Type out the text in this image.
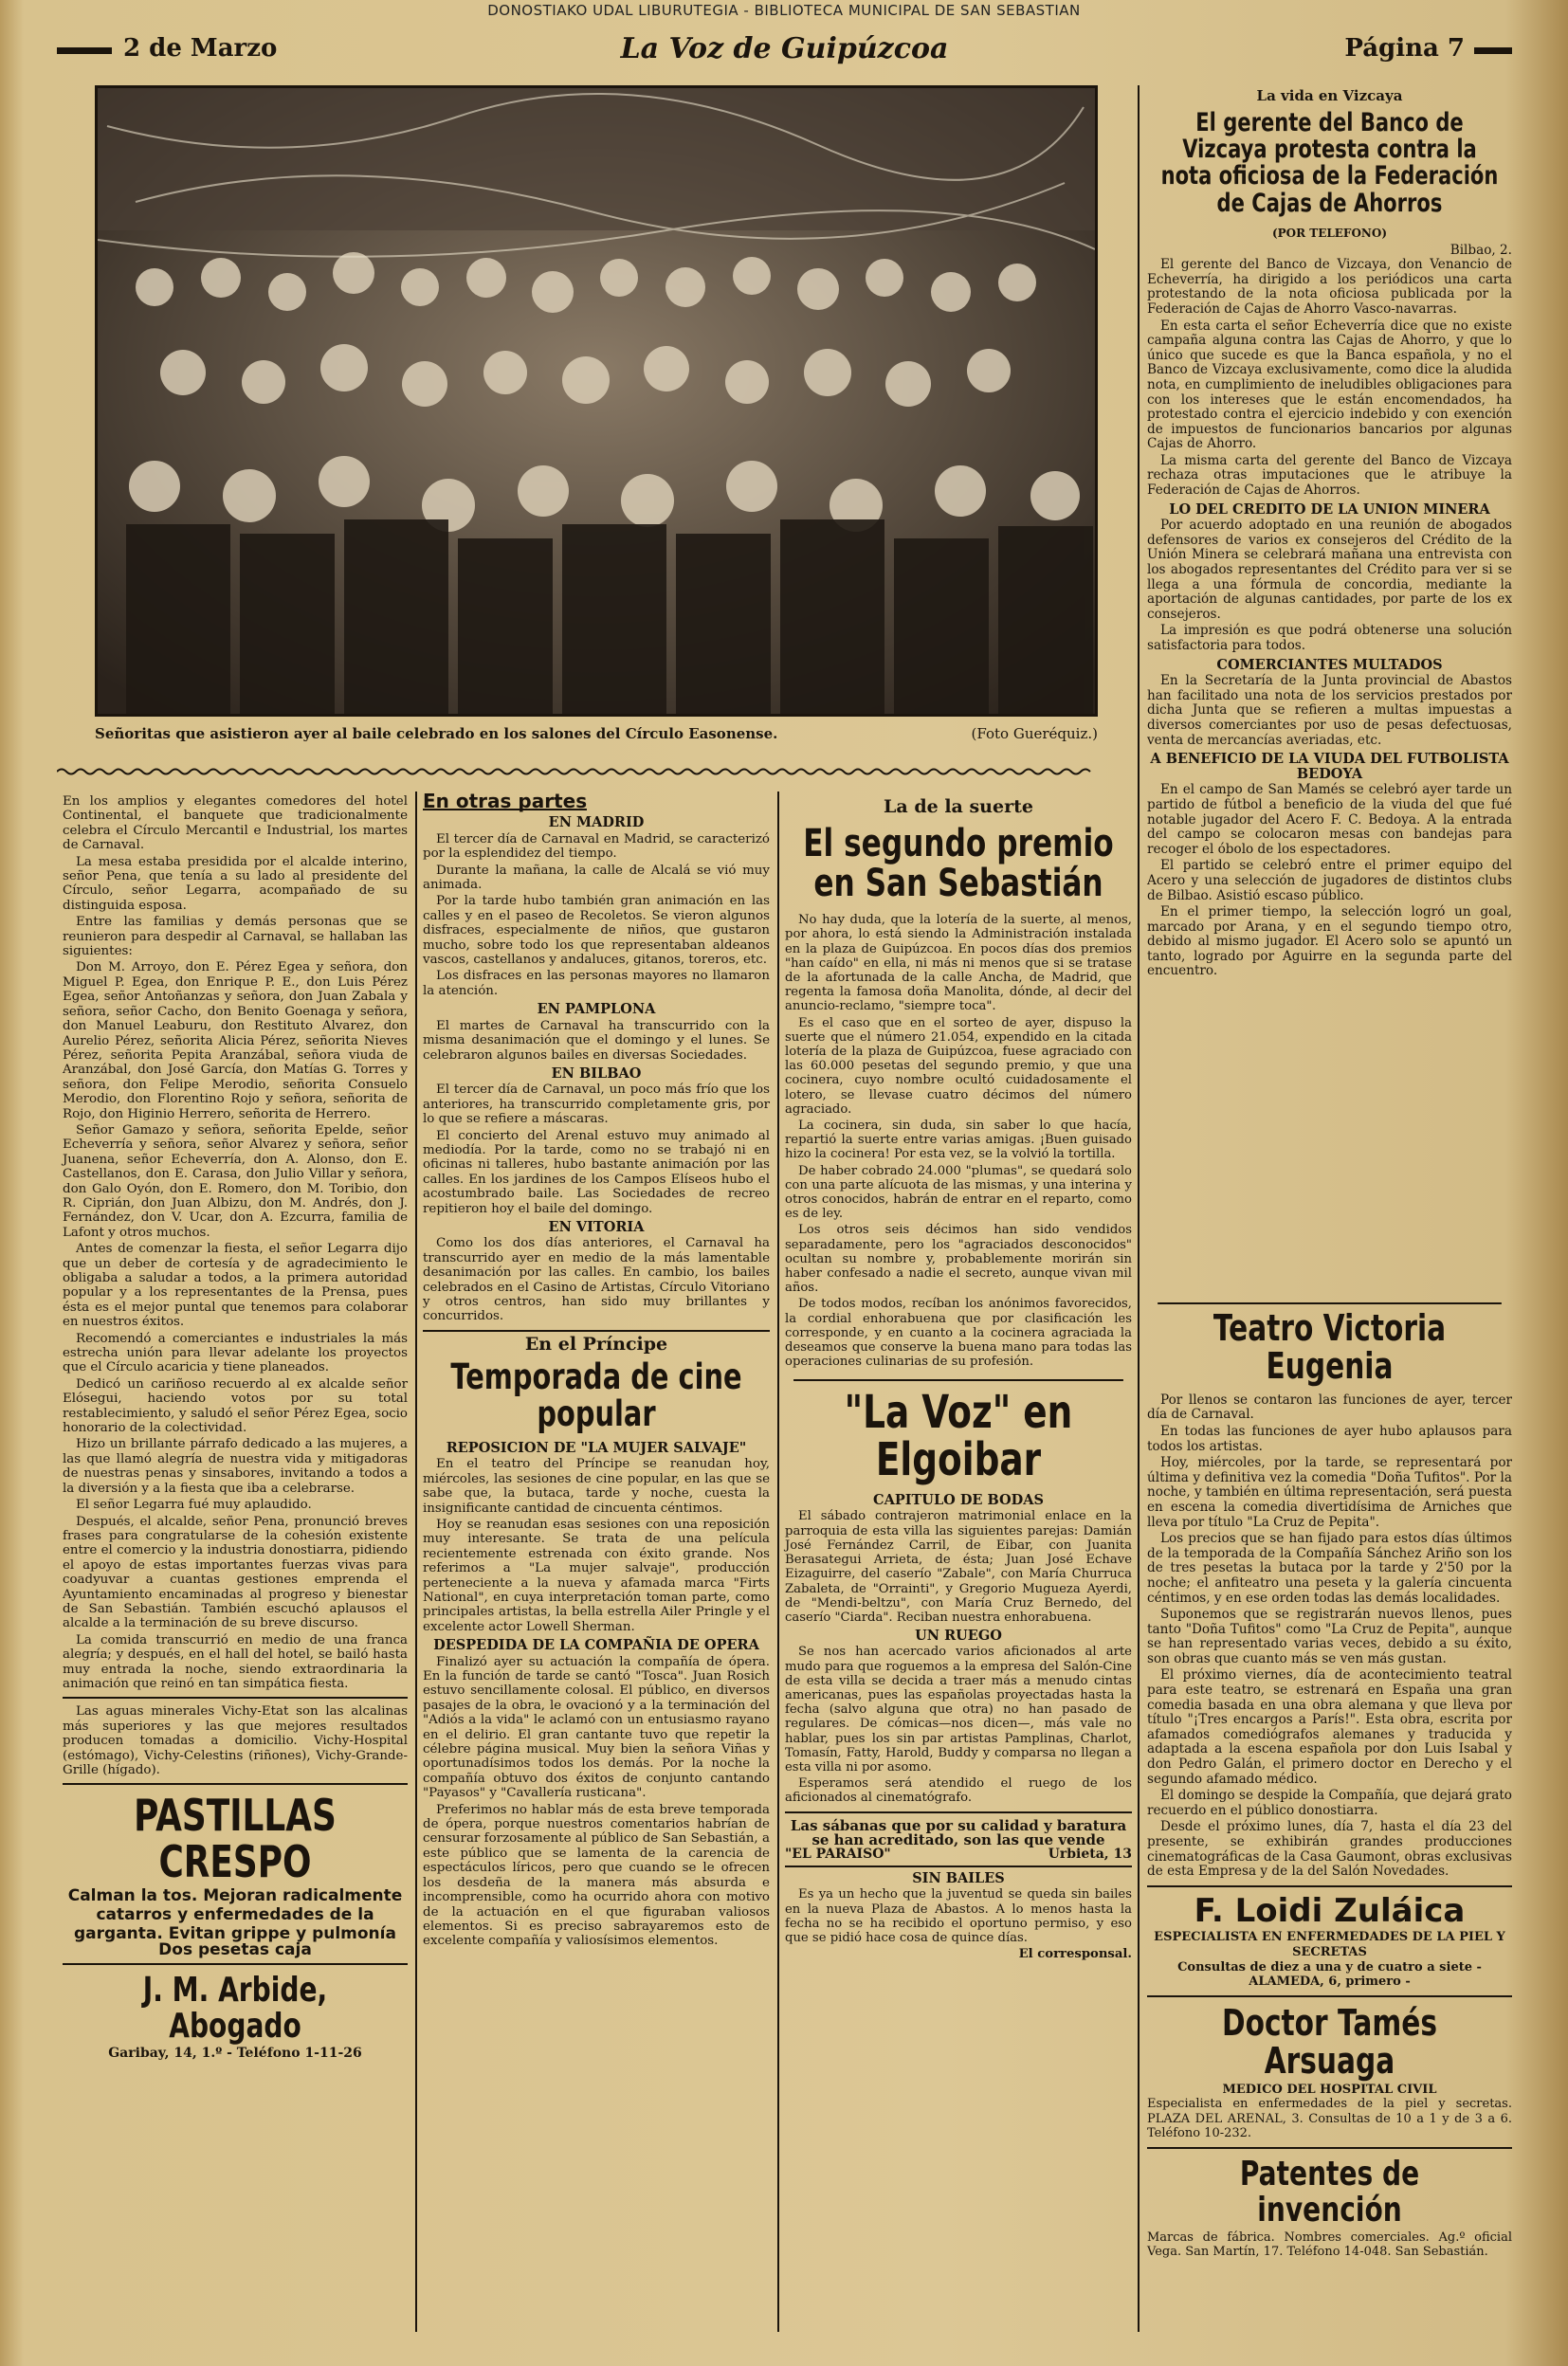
DONOSTIAKO UDAL LIBURUTEGIA - BIBLIOTECA MUNICIPAL DE SAN SEBASTIAN
2 de Marzo	La Voz de Guipúzcoa	Página 7
Señoritas que asistieron ayer al baile celebrado en los salones del Círculo Easonense.	(Foto Gueréquiz.)
La vida en Vizcaya
El gerente del Banco de Vizcaya protesta contra la nota oficiosa de la Federación de Cajas de Ahorros
(POR TELEFONO)
Bilbao, 2.

El gerente del Banco de Vizcaya, don Venancio de Echeverría, ha dirigido a los periódicos una carta protestando de la nota oficiosa publicada por la Federación de Cajas de Ahorro Vasco-navarras.

En esta carta el señor Echeverría dice que no existe campaña alguna contra las Cajas de Ahorro, y que lo único que sucede es que la Banca española, y no el Banco de Vizcaya exclusivamente, como dice la aludida nota, en cumplimiento de ineludibles obligaciones para con los intereses que le están encomendados, ha protestado contra el ejercicio indebido y con exención de impuestos de funcionarios bancarios por algunas Cajas de Ahorro.

La misma carta del gerente del Banco de Vizcaya rechaza otras imputaciones que le atribuye la Federación de Cajas de Ahorros.

LO DEL CREDITO DE LA UNION MINERA

Por acuerdo adoptado en una reunión de abogados defensores de varios ex consejeros del Crédito de la Unión Minera se celebrará mañana una entrevista con los abogados representantes del Crédito para ver si se llega a una fórmula de concordia, mediante la aportación de algunas cantidades, por parte de los ex consejeros.

La impresión es que podrá obtenerse una solución satisfactoria para todos.

COMERCIANTES MULTADOS

En la Secretaría de la Junta provincial de Abastos han facilitado una nota de los servicios prestados por dicha Junta que se refieren a multas impuestas a diversos comerciantes por uso de pesas defectuosas, venta de mercancías averiadas, etc.

A BENEFICIO DE LA VIUDA DEL FUTBOLISTA BEDOYA

En el campo de San Mamés se celebró ayer tarde un partido de fútbol a beneficio de la viuda del que fué notable jugador del Acero F. C. Bedoya. A la entrada del campo se colocaron mesas con bandejas para recoger el óbolo de los espectadores.

El partido se celebró entre el primer equipo del Acero y una selección de jugadores de distintos clubs de Bilbao. Asistió escaso público.

En el primer tiempo, la selección logró un goal, marcado por Arana, y en el segundo tiempo otro, debido al mismo jugador. El Acero solo se apuntó un tanto, logrado por Aguirre en la segunda parte del encuentro.

En los amplios y elegantes comedores del hotel Continental, el banquete que tradicionalmente celebra el Círculo Mercantil e Industrial, los martes de Carnaval.

La mesa estaba presidida por el alcalde interino, señor Pena, que tenía a su lado al presidente del Círculo, señor Legarra, acompañado de su distinguida esposa.

Entre las familias y demás personas que se reunieron para despedir al Carnaval, se hallaban las siguientes:

Don M. Arroyo, don E. Pérez Egea y señora, don Miguel P. Egea, don Enrique P. E., don Luis Pérez Egea, señor Antoñanzas y señora, don Juan Zabala y señora, señor Cacho, don Benito Goenaga y señora, don Manuel Leaburu, don Restituto Alvarez, don Aurelio Pérez, señorita Alicia Pérez, señorita Nieves Pérez, señorita Pepita Aranzábal, señora viuda de Aranzábal, don José García, don Matías G. Torres y señora, don Felipe Merodio, señorita Consuelo Merodio, don Florentino Rojo y señora, señorita de Rojo, don Higinio Herrero, señorita de Herrero.

Señor Gamazo y señora, señorita Epelde, señor Echeverría y señora, señor Alvarez y señora, señor Juanena, señor Echeverría, don A. Alonso, don E. Castellanos, don E. Carasa, don Julio Villar y señora, don Galo Oyón, don E. Romero, don M. Toribio, don R. Ciprián, don Juan Albizu, don M. Andrés, don J. Fernández, don V. Ucar, don A. Ezcurra, familia de Lafont y otros muchos.

Antes de comenzar la fiesta, el señor Legarra dijo que un deber de cortesía y de agradecimiento le obligaba a saludar a todos, a la primera autoridad popular y a los representantes de la Prensa, pues ésta es el mejor puntal que tenemos para colaborar en nuestros éxitos.

Recomendó a comerciantes e industriales la más estrecha unión para llevar adelante los proyectos que el Círculo acaricia y tiene planeados.

Dedicó un cariñoso recuerdo al ex alcalde señor Elósegui, haciendo votos por su total restablecimiento, y saludó el señor Pérez Egea, socio honorario de la colectividad.

Hizo un brillante párrafo dedicado a las mujeres, a las que llamó alegría de nuestra vida y mitigadoras de nuestras penas y sinsabores, invitando a todos a la diversión y a la fiesta que iba a celebrarse.

El señor Legarra fué muy aplaudido.

Después, el alcalde, señor Pena, pronunció breves frases para congratularse de la cohesión existente entre el comercio y la industria donostiarra, pidiendo el apoyo de estas importantes fuerzas vivas para coadyuvar a cuantas gestiones emprenda el Ayuntamiento encaminadas al progreso y bienestar de San Sebastián. También escuchó aplausos el alcalde a la terminación de su breve discurso.

La comida transcurrió en medio de una franca alegría; y después, en el hall del hotel, se bailó hasta muy entrada la noche, siendo extraordinaria la animación que reinó en tan simpática fiesta.

Las aguas minerales Vichy-Etat son las alcalinas más superiores y las que mejores resultados producen tomadas a domicilio. Vichy-Hospital (estómago), Vichy-Celestins (riñones), Vichy-Grande-Grille (hígado).

PASTILLAS CRESPO
Calman la tos. Mejoran radicalmente catarros y enfermedades de la garganta. Evitan grippe y pulmonía
Dos pesetas caja
J. M. Arbide, Abogado
Garibay, 14, 1.º - Teléfono 1-11-26
En otras partes
EN MADRID

El tercer día de Carnaval en Madrid, se caracterizó por la esplendidez del tiempo.

Durante la mañana, la calle de Alcalá se vió muy animada.

Por la tarde hubo también gran animación en las calles y en el paseo de Recoletos. Se vieron algunos disfraces, especialmente de niños, que gustaron mucho, sobre todo los que representaban aldeanos vascos, castellanos y andaluces, gitanos, toreros, etc.

Los disfraces en las personas mayores no llamaron la atención.

EN PAMPLONA

El martes de Carnaval ha transcurrido con la misma desanimación que el domingo y el lunes. Se celebraron algunos bailes en diversas Sociedades.

EN BILBAO

El tercer día de Carnaval, un poco más frío que los anteriores, ha transcurrido completamente gris, por lo que se refiere a máscaras.

El concierto del Arenal estuvo muy animado al mediodía. Por la tarde, como no se trabajó ni en oficinas ni talleres, hubo bastante animación por las calles. En los jardines de los Campos Elíseos hubo el acostumbrado baile. Las Sociedades de recreo repitieron hoy el baile del domingo.

EN VITORIA

Como los dos días anteriores, el Carnaval ha transcurrido ayer en medio de la más lamentable desanimación por las calles. En cambio, los bailes celebrados en el Casino de Artistas, Círculo Vitoriano y otros centros, han sido muy brillantes y concurridos.

En el Príncipe
Temporada de cine popular
REPOSICION DE "LA MUJER SALVAJE"

En el teatro del Príncipe se reanudan hoy, miércoles, las sesiones de cine popular, en las que se sabe que, la butaca, tarde y noche, cuesta la insignificante cantidad de cincuenta céntimos.

Hoy se reanudan esas sesiones con una reposición muy interesante. Se trata de una película recientemente estrenada con éxito grande. Nos referimos a "La mujer salvaje", producción perteneciente a la nueva y afamada marca "Firts National", en cuya interpretación toman parte, como principales artistas, la bella estrella Ailer Pringle y el excelente actor Lowell Sherman.

DESPEDIDA DE LA COMPAÑIA DE OPERA

Finalizó ayer su actuación la compañía de ópera. En la función de tarde se cantó "Tosca". Juan Rosich estuvo sencillamente colosal. El público, en diversos pasajes de la obra, le ovacionó y a la terminación del "Adiós a la vida" le aclamó con un entusiasmo rayano en el delirio. El gran cantante tuvo que repetir la célebre página musical. Muy bien la señora Viñas y oportunadísimos todos los demás. Por la noche la compañía obtuvo dos éxitos de conjunto cantando "Payasos" y "Cavallería rusticana".

Preferimos no hablar más de esta breve temporada de ópera, porque nuestros comentarios habrían de censurar forzosamente al público de San Sebastián, a este público que se lamenta de la carencia de espectáculos líricos, pero que cuando se le ofrecen los desdeña de la manera más absurda e incomprensible, como ha ocurrido ahora con motivo de la actuación en el que figuraban valiosos elementos. Si es preciso sabrayaremos esto de excelente compañía y valiosísimos elementos.

La de la suerte
El segundo premio en San Sebastián

No hay duda, que la lotería de la suerte, al menos, por ahora, lo está siendo la Administración instalada en la plaza de Guipúzcoa. En pocos días dos premios "han caído" en ella, ni más ni menos que si se tratase de la afortunada de la calle Ancha, de Madrid, que regenta la famosa doña Manolita, dónde, al decir del anuncio-reclamo, "siempre toca".

Es el caso que en el sorteo de ayer, dispuso la suerte que el número 21.054, expendido en la citada lotería de la plaza de Guipúzcoa, fuese agraciado con las 60.000 pesetas del segundo premio, y que una cocinera, cuyo nombre ocultó cuidadosamente el lotero, se llevase cuatro décimos del número agraciado.

La cocinera, sin duda, sin saber lo que hacía, repartió la suerte entre varias amigas. ¡Buen guisado hizo la cocinera! Por esta vez, se la volvió la tortilla.

De haber cobrado 24.000 "plumas", se quedará solo con una parte alícuota de las mismas, y una interina y otros conocidos, habrán de entrar en el reparto, como es de ley.

Los otros seis décimos han sido vendidos separadamente, pero los "agraciados desconocidos" ocultan su nombre y, probablemente morirán sin haber confesado a nadie el secreto, aunque vivan mil años.

De todos modos, recíban los anónimos favorecidos, la cordial enhorabuena que por clasificación les corresponde, y en cuanto a la cocinera agraciada la deseamos que conserve la buena mano para todas las operaciones culinarias de su profesión.

"La Voz" en Elgoibar
CAPITULO DE BODAS

El sábado contrajeron matrimonial enlace en la parroquia de esta villa las siguientes parejas: Damián José Fernández Carril, de Eibar, con Juanita Berasategui Arrieta, de ésta; Juan José Echave Eizaguirre, del caserío "Zabale", con María Churruca Zabaleta, de "Orrainti", y Gregorio Mugueza Ayerdi, de "Mendi-beltzu", con María Cruz Bernedo, del caserío "Ciarda". Reciban nuestra enhorabuena.

UN RUEGO

Se nos han acercado varios aficionados al arte mudo para que roguemos a la empresa del Salón-Cine de esta villa se decida a traer más a menudo cintas americanas, pues las españolas proyectadas hasta la fecha (salvo alguna que otra) no han pasado de regulares. De cómicas—nos dicen—, más vale no hablar, pues los sin par artistas Pamplinas, Charlot, Tomasín, Fatty, Harold, Buddy y comparsa no llegan a esta villa ni por asomo.

Esperamos será atendido el ruego de los aficionados al cinematógrafo.

Las sábanas que por su calidad y baratura se han acreditado, son las que vende
"EL PARAISO"	Urbieta, 13
SIN BAILES

Es ya un hecho que la juventud se queda sin bailes en la nueva Plaza de Abastos. A lo menos hasta la fecha no se ha recibido el oportuno permiso, y eso que se pidió hace cosa de quince días.

El corresponsal.
Teatro Victoria Eugenia

Por llenos se contaron las funciones de ayer, tercer día de Carnaval.

En todas las funciones de ayer hubo aplausos para todos los artistas.

Hoy, miércoles, por la tarde, se representará por última y definitiva vez la comedia "Doña Tufitos". Por la noche, y también en última representación, será puesta en escena la comedia divertidísima de Arniches que lleva por título "La Cruz de Pepita".

Los precios que se han fijado para estos días últimos de la temporada de la Compañía Sánchez Ariño son los de tres pesetas la butaca por la tarde y 2'50 por la noche; el anfiteatro una peseta y la galería cincuenta céntimos, y en ese orden todas las demás localidades.

Suponemos que se registrarán nuevos llenos, pues tanto "Doña Tufitos" como "La Cruz de Pepita", aunque se han representado varias veces, debido a su éxito, son obras que cuanto más se ven más gustan.

El próximo viernes, día de acontecimiento teatral para este teatro, se estrenará en España una gran comedia basada en una obra alemana y que lleva por título "¡Tres encargos a París!". Esta obra, escrita por afamados comediógrafos alemanes y traducida y adaptada a la escena española por don Luis Isabal y don Pedro Galán, el primero doctor en Derecho y el segundo afamado médico.

El domingo se despide la Compañía, que dejará grato recuerdo en el público donostiarra.

Desde el próximo lunes, día 7, hasta el día 23 del presente, se exhibirán grandes producciones cinematográficas de la Casa Gaumont, obras exclusivas de esta Empresa y de la del Salón Novedades.

F. Loidi Zuláica
ESPECIALISTA EN ENFERMEDADES DE LA PIEL Y SECRETAS
Consultas de diez a una y de cuatro a siete - ALAMEDA, 6, primero -
Doctor Tamés Arsuaga
MEDICO DEL HOSPITAL CIVIL
Especialista en enfermedades de la piel y secretas. PLAZA DEL ARENAL, 3. Consultas de 10 a 1 y de 3 a 6. Teléfono 10-232.
Patentes de invención
Marcas de fábrica. Nombres comerciales. Ag.º oficial Vega. San Martín, 17. Teléfono 14-048. San Sebastián.
